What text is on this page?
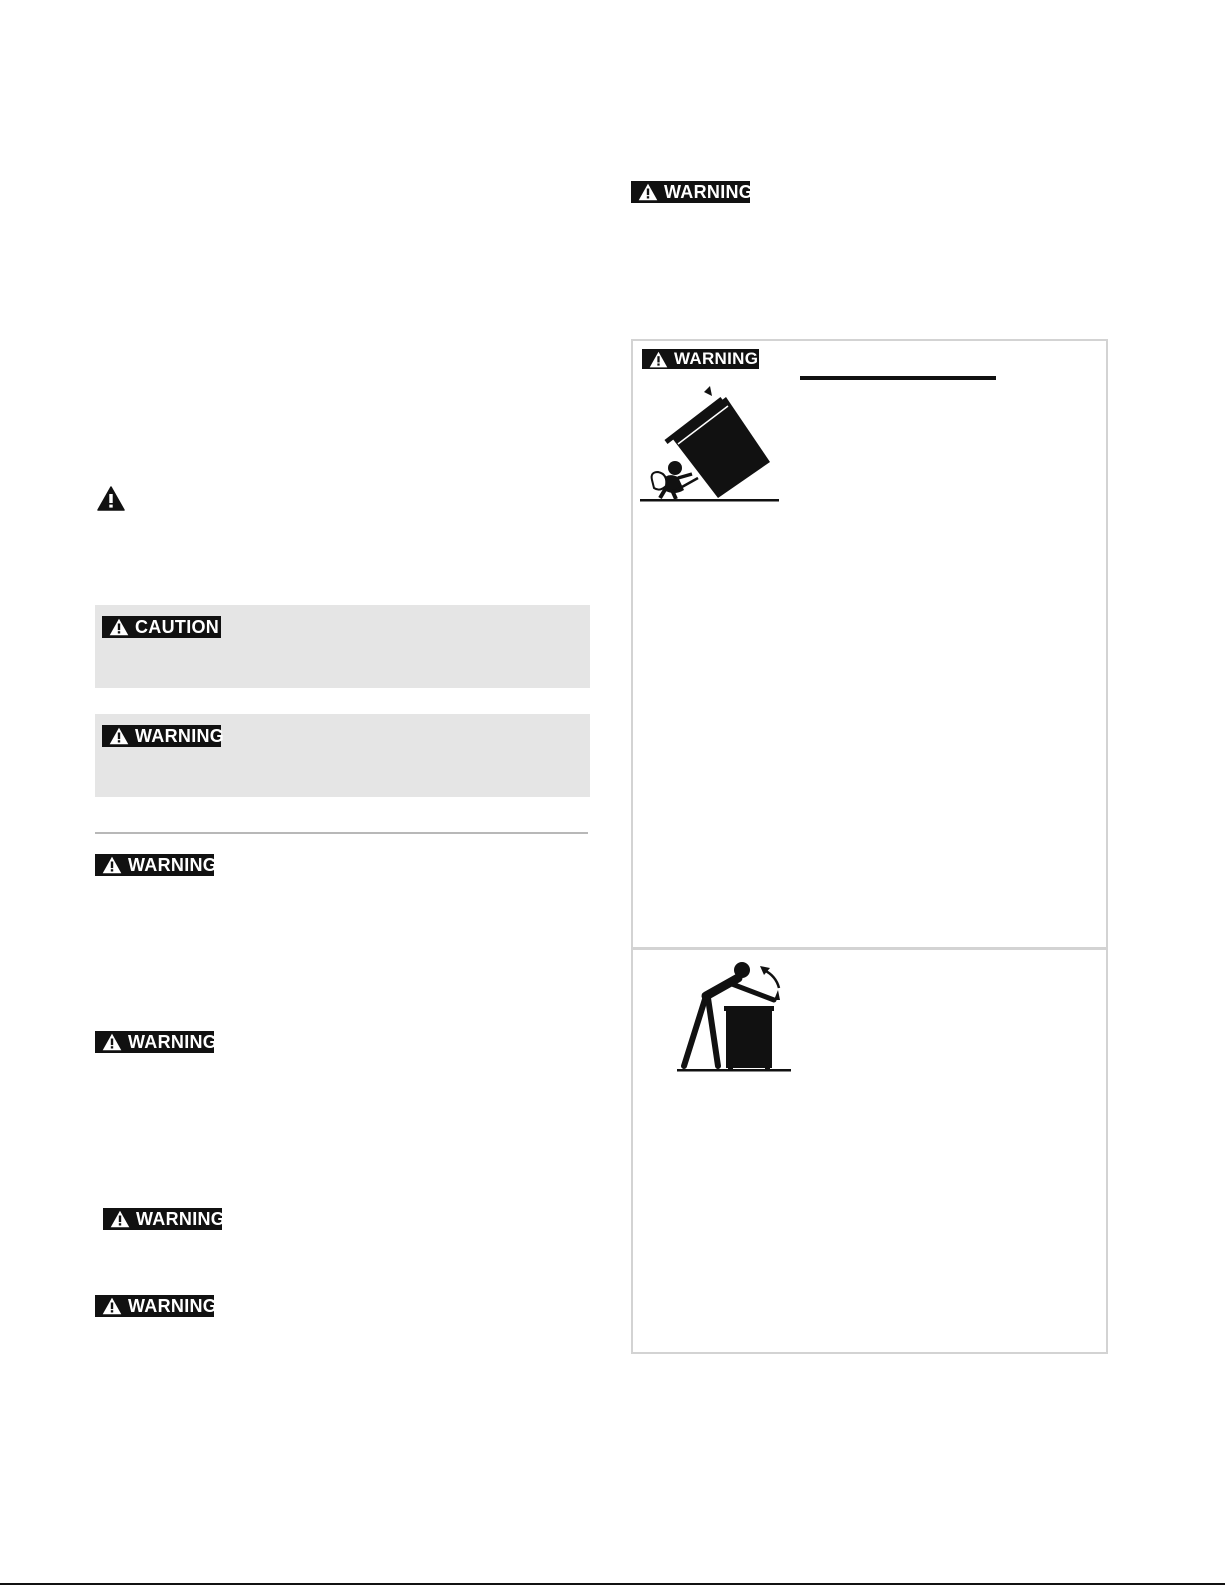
CAUTION
WARNING
WARNING
WARNING
WARNING
WARNING
WARNING
WARNING
